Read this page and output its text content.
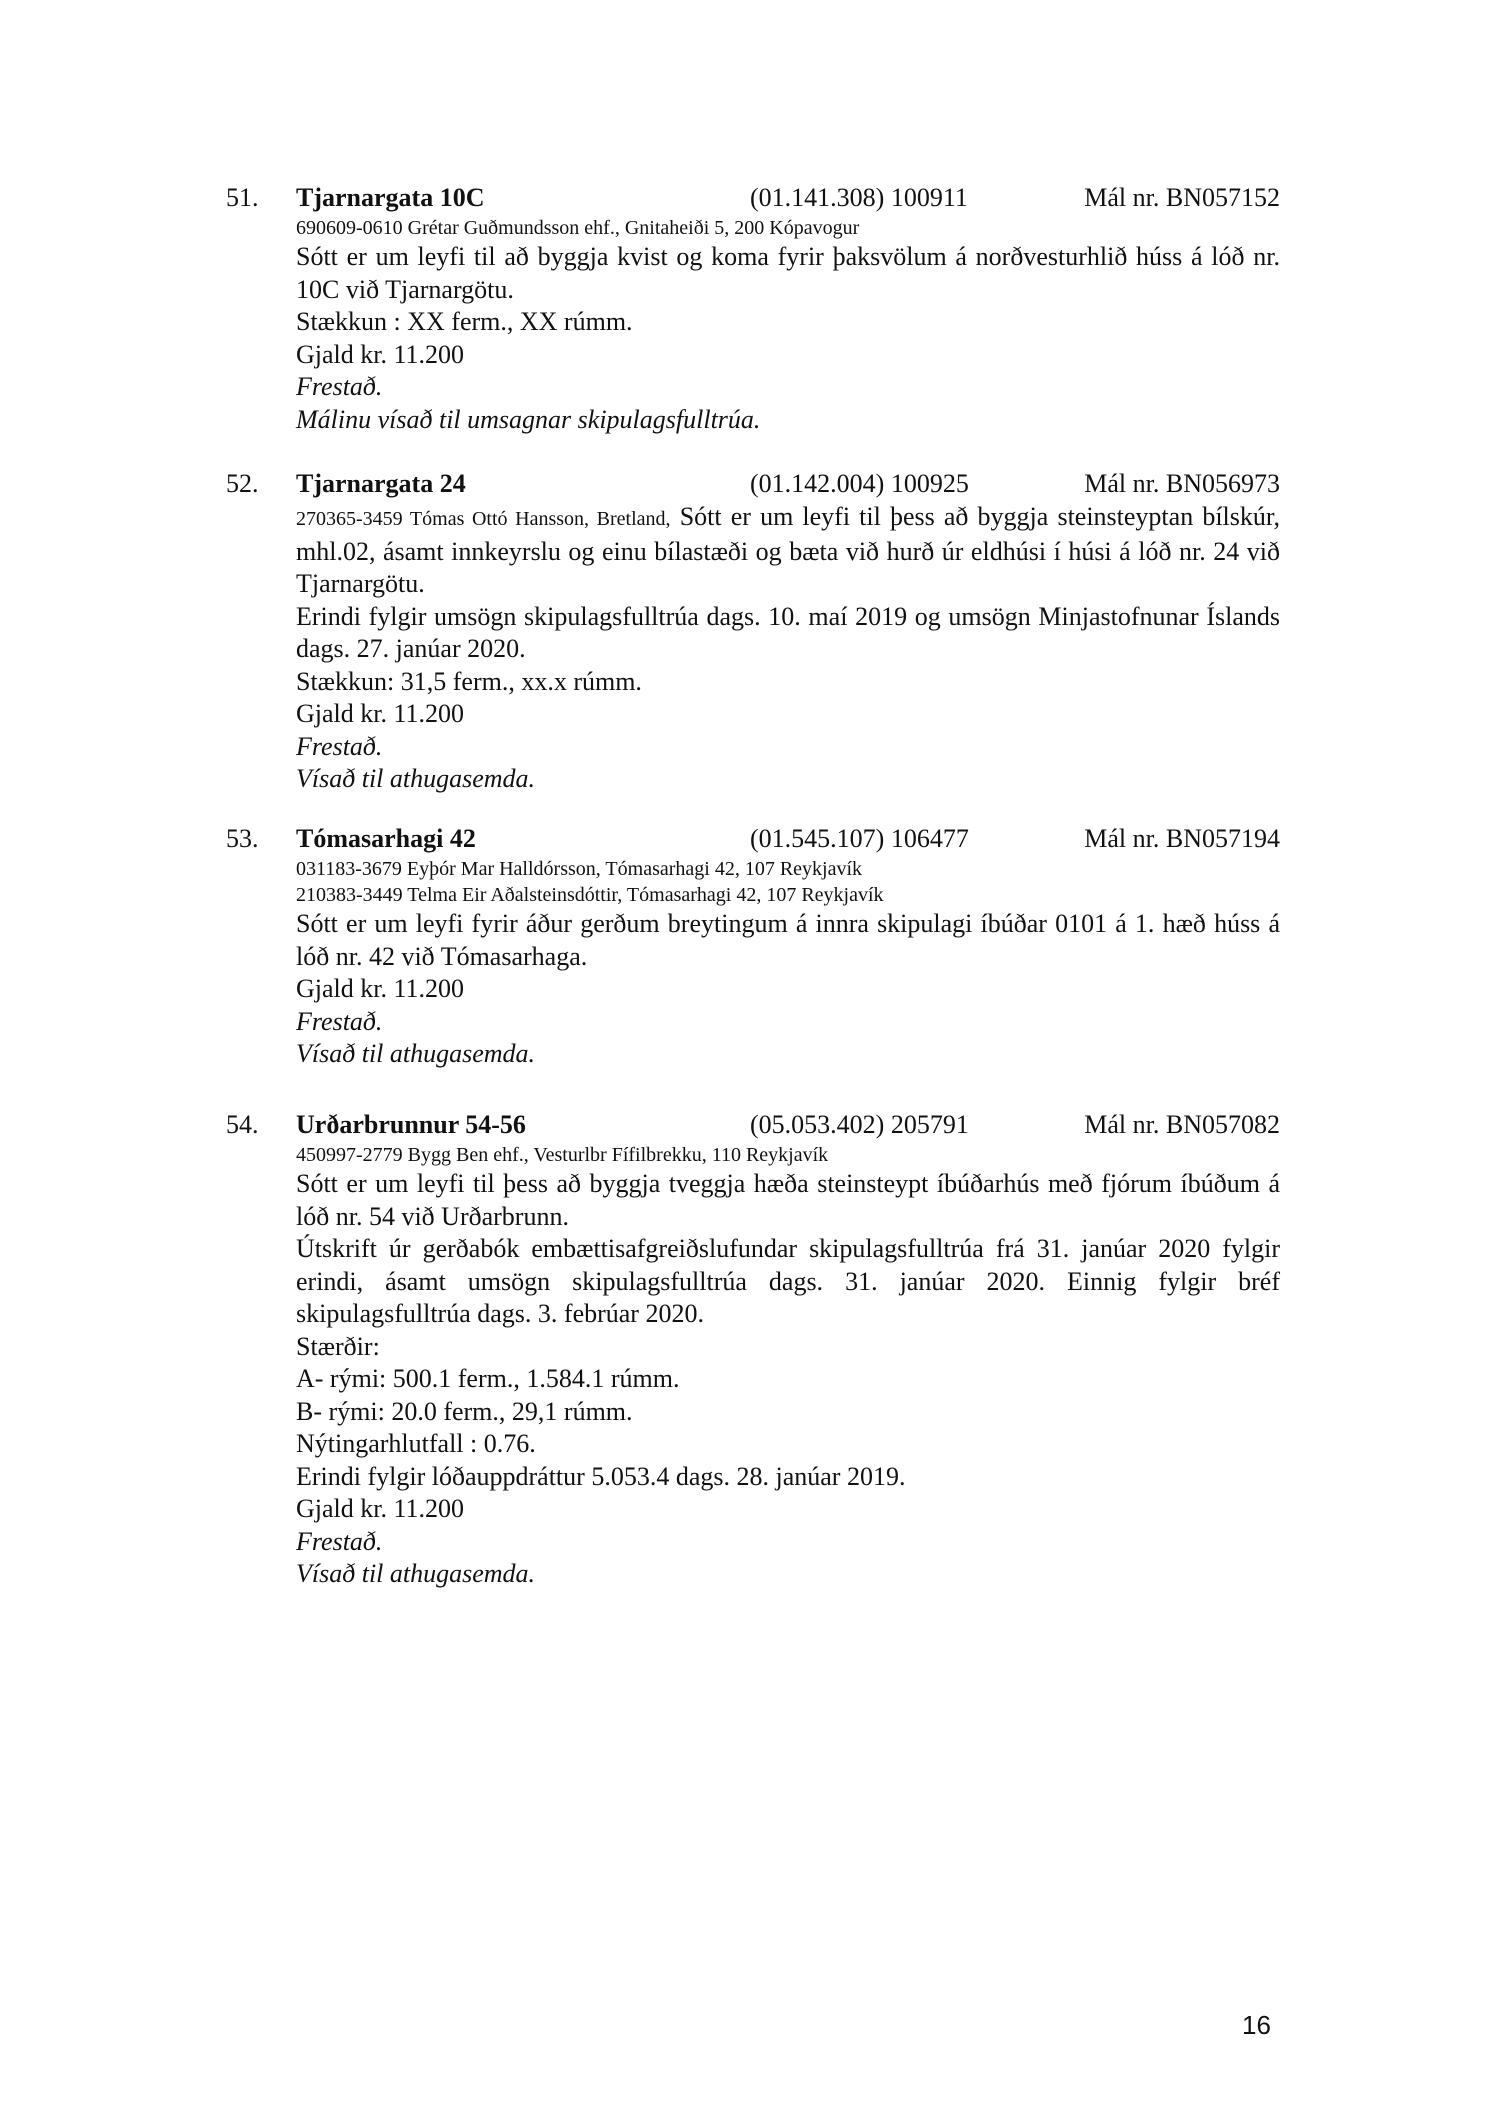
51. Tjarnargata 10C	(01.141.308) 100911	Mál nr. BN057152
690609-0610 Grétar Guðmundsson ehf., Gnitaheiði 5, 200 Kópavogur
Sótt er um leyfi til að byggja kvist og koma fyrir þaksvölum á norðvesturhlið húss á lóð nr. 10C við Tjarnargötu.
Stækkun : XX ferm., XX rúmm.
Gjald kr. 11.200
Frestað.
Málinu vísað til umsagnar skipulagsfulltrúa.
52. Tjarnargata 24	(01.142.004) 100925	Mál nr. BN056973
270365-3459 Tómas Ottó Hansson, Bretland, Sótt er um leyfi til þess að byggja steinsteyptan bílskúr, mhl.02, ásamt innkeyrslu og einu bílastæði og bæta við hurð úr eldhúsi í húsi á lóð nr. 24 við Tjarnargötu.
Erindi fylgir umsögn skipulagsfulltrúa dags. 10. maí 2019 og umsögn Minjastofnunar Íslands dags. 27. janúar 2020.
Stækkun: 31,5 ferm., xx.x rúmm.
Gjald kr. 11.200
Frestað.
Vísað til athugasemda.
53. Tómasarhagi 42	(01.545.107) 106477	Mál nr. BN057194
031183-3679 Eyþór Mar Halldórsson, Tómasarhagi 42, 107 Reykjavík
210383-3449 Telma Eir Aðalsteinsdóttir, Tómasarhagi 42, 107 Reykjavík
Sótt er um leyfi fyrir áður gerðum breytingum á innra skipulagi íbúðar 0101 á 1. hæð húss á lóð nr. 42 við Tómasarhaga.
Gjald kr. 11.200
Frestað.
Vísað til athugasemda.
54. Urðarbrunnur 54-56	(05.053.402) 205791	Mál nr. BN057082
450997-2779 Bygg Ben ehf., Vesturlbr Fífilbrekku, 110 Reykjavík
Sótt er um leyfi til þess að byggja tveggja hæða steinsteypt íbúðarhús með fjórum íbúðum á lóð nr. 54 við Urðarbrunn.
Útskrift úr gerðabók embættisafgreiðslufundar skipulagsfulltrúa frá 31. janúar 2020 fylgir erindi, ásamt umsögn skipulagsfulltrúa dags. 31. janúar 2020. Einnig fylgir bréf skipulagsfulltrúa dags. 3. febrúar 2020.
Stærðir:
A- rými: 500.1 ferm., 1.584.1 rúmm.
B- rými: 20.0 ferm., 29,1 rúmm.
Nýtingarhlutfall : 0.76.
Erindi fylgir lóðauppdráttur 5.053.4 dags. 28. janúar 2019.
Gjald kr. 11.200
Frestað.
Vísað til athugasemda.
16
